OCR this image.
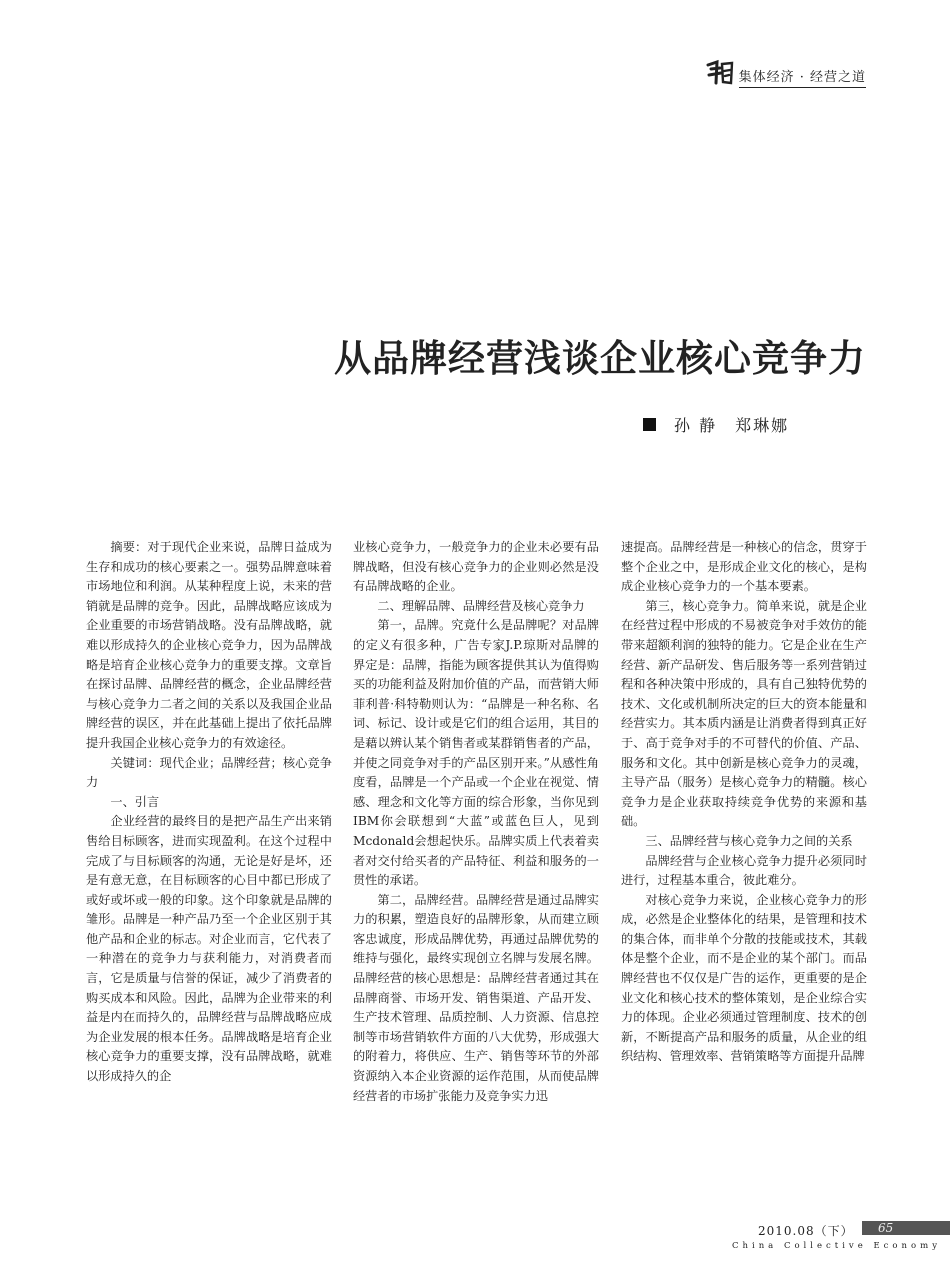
集体经济 · 经营之道
从品牌经营浅谈企业核心竞争力
孙 静　郑琳娜

摘要：对于现代企业来说，品牌日益成为生存和成功的核心要素之一。强势品牌意味着市场地位和利润。从某种程度上说，未来的营销就是品牌的竞争。因此，品牌战略应该成为企业重要的市场营销战略。没有品牌战略，就难以形成持久的企业核心竞争力，因为品牌战略是培育企业核心竞争力的重要支撑。文章旨在探讨品牌、品牌经营的概念，企业品牌经营与核心竞争力二者之间的关系以及我国企业品牌经营的误区，并在此基础上提出了依托品牌提升我国企业核心竞争力的有效途径。

关键词：现代企业；品牌经营；核心竞争力

一、引言

企业经营的最终目的是把产品生产出来销售给目标顾客，进而实现盈利。在这个过程中完成了与目标顾客的沟通，无论是好是坏，还是有意无意，在目标顾客的心目中都已形成了或好或坏或一般的印象。这个印象就是品牌的雏形。品牌是一种产品乃至一个企业区别于其他产品和企业的标志。对企业而言，它代表了一种潜在的竞争力与获利能力，对消费者而言，它是质量与信誉的保证，减少了消费者的购买成本和风险。因此，品牌为企业带来的利益是内在而持久的，品牌经营与品牌战略应成为企业发展的根本任务。品牌战略是培育企业核心竞争力的重要支撑，没有品牌战略，就难以形成持久的企

业核心竞争力，一般竞争力的企业未必要有品牌战略，但没有核心竞争力的企业则必然是没有品牌战略的企业。

二、理解品牌、品牌经营及核心竞争力

第一，品牌。究竟什么是品牌呢？对品牌的定义有很多种，广告专家J.P.琼斯对品牌的界定是：品牌，指能为顾客提供其认为值得购买的功能利益及附加价值的产品，而营销大师菲利普·科特勒则认为：“品牌是一种名称、名词、标记、设计或是它们的组合运用，其目的是藉以辨认某个销售者或某群销售者的产品，并使之同竞争对手的产品区别开来。”从感性角度看，品牌是一个产品或一个企业在视觉、情感、理念和文化等方面的综合形象，当你见到IBM你会联想到“大蓝”或蓝色巨人，见到Mcdonald会想起快乐。品牌实质上代表着卖者对交付给买者的产品特征、利益和服务的一贯性的承诺。

第二，品牌经营。品牌经营是通过品牌实力的积累，塑造良好的品牌形象，从而建立顾客忠诚度，形成品牌优势，再通过品牌优势的维持与强化，最终实现创立名牌与发展名牌。品牌经营的核心思想是：品牌经营者通过其在品牌商誉、市场开发、销售渠道、产品开发、生产技术管理、品质控制、人力资源、信息控制等市场营销软件方面的八大优势，形成强大的附着力，将供应、生产、销售等环节的外部资源纳入本企业资源的运作范围，从而使品牌经营者的市场扩张能力及竞争实力迅

速提高。品牌经营是一种核心的信念，贯穿于整个企业之中，是形成企业文化的核心，是构成企业核心竞争力的一个基本要素。

第三，核心竞争力。简单来说，就是企业在经营过程中形成的不易被竞争对手效仿的能带来超额利润的独特的能力。它是企业在生产经营、新产品研发、售后服务等一系列营销过程和各种决策中形成的，具有自己独特优势的技术、文化或机制所决定的巨大的资本能量和经营实力。其本质内涵是让消费者得到真正好于、高于竞争对手的不可替代的价值、产品、服务和文化。其中创新是核心竞争力的灵魂，主导产品（服务）是核心竞争力的精髓。核心竞争力是企业获取持续竞争优势的来源和基础。

三、品牌经营与核心竞争力之间的关系

品牌经营与企业核心竞争力提升必须同时进行，过程基本重合，彼此难分。

对核心竞争力来说，企业核心竞争力的形成，必然是企业整体化的结果，是管理和技术的集合体，而非单个分散的技能或技术，其载体是整个企业，而不是企业的某个部门。而品牌经营也不仅仅是广告的运作，更重要的是企业文化和核心技术的整体策划，是企业综合实力的体现。企业必须通过管理制度、技术的创新，不断提高产品和服务的质量，从企业的组织结构、管理效率、营销策略等方面提升品牌

2010.08（下）	65
China Collective Economy
